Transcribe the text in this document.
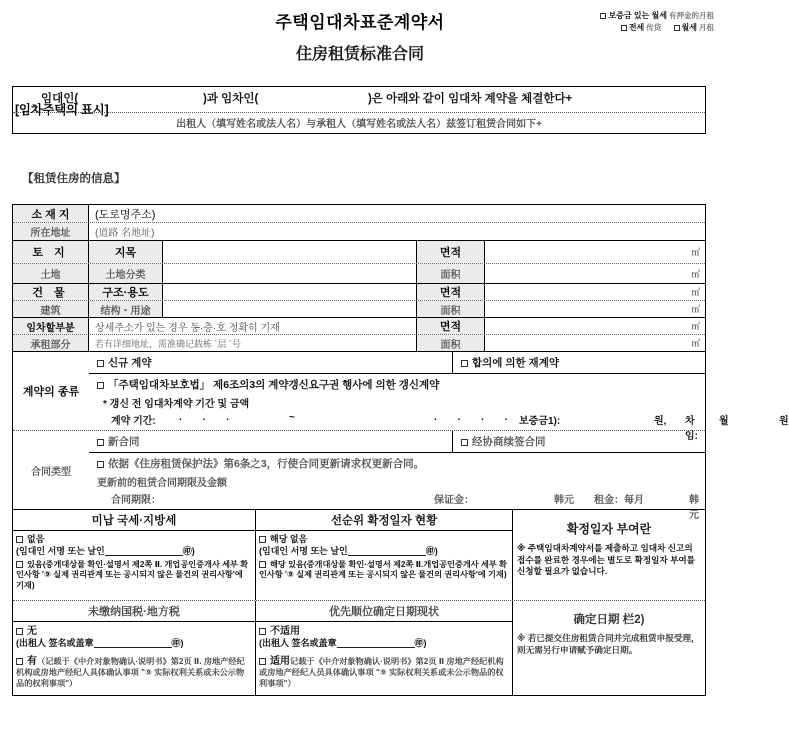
주택임대차표준계약서
住房租赁标准合同
보증금 있는 월세 有押金的月租
전세 传贷	월세 月租
임대인(	)과 임차인(	)은 아래와 같이 임대차 계약을 체결한다+
[임차주택의 표시]
出租人（填写姓名或法人名）与承租人（填写姓名或法人名）兹签订租赁合同如下+
【租赁住房的信息】
소 재 지	(도로명주소)
所在地址	(道路 名地址)
토 지	지목	면적	㎡
土地	土地分类	面积	㎡
건 물	구조·용도	면적	㎡
建筑	结构・用途	面积	㎡
임차할부분	상세주소가 있는 경우 동·층·호 정확히 기재	면적	㎡
承租部分	若有详细地址，需准确记载栋 `层 `号	面积	㎡
계약의 종류
신규 계약	합의에 의한 재계약
「주택임대차보호법」 제6조의3의 계약갱신요구권 행사에 의한 갱신계약
* 갱신 전 임대차계약 기간 및 금액
계약 기간: . . .	~	. . . . 보증금1):	원, 차임:
월	원
合同类型
新合同	经协商续签合同
依据《住房租赁保护法》第6条之3，行使合同更新请求权更新合同。
更新前的租赁合同期限及金额
合同期限：	保证金：	韩元 租金：每月	韩元
미납 국세·지방세
없음
(임대인 서명 또는 날인	㊞)
있음(중개대상물 확인·설명서 제2쪽 Ⅱ. 개업공인중개사 세부 확인사항 '⑨ 실제 권리관계 또는 공시되지 않은 물건의 권리사항'에 기재)
선순위 확정일자 현황
해당 없음
(임대인 서명 또는 날인	㊞)
해당 있음(중개대상물 확인·설명서 제2쪽 Ⅱ.개업공인중개사 세부 확인사항 '⑨ 실제 권리관계 또는 공시되지 않은 물건의 권리사항'에 기재)
확정일자 부여란
※ 주택임대차계약서를 제출하고 임대차 신고의 접수를 완료한 경우에는 별도로 확정일자 부여를 신청할 필요가 없습니다.
未缴纳国税·地方税
无
(出租人 签名或盖章	㊞)
有（记载于《中介对象物确认·说明书》第2页 Ⅱ. 房地产经纪机构或房地产经纪人具体确认事项 "⑨ 实际权利关系或未公示物品的权利事项"）
优先顺位确定日期现状
不适用
(出租人 签名或盖章	㊞)
适用记载于《中介对象物确认·说明书》第2页 Ⅱ 房地产经纪机构或房地产经纪人员具体确认事项 "⑨ 实际权利关系或未公示物品的权利事项"）
确定日期 栏2)
※ 若已提交住房租赁合同并完成租赁申报受理，则无需另行申请赋予确定日期。
